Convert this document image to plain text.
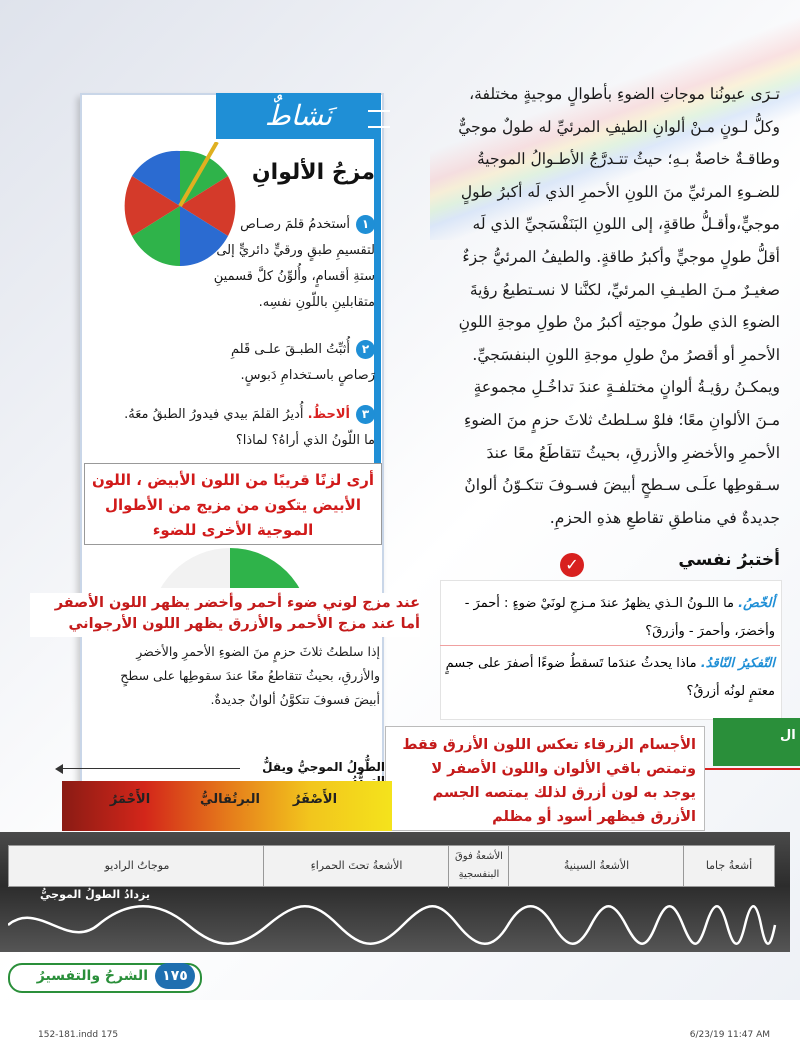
تـرَى عيونُنا موجاتِ الضوءِ بأطوالٍ موجيةٍ مختلفة،

وكلُّ لـونٍ مـنْ ألوانِ الطيفِ المرئيِّ له طولٌ موجيٌّ

وطاقـةٌ خاصةٌ بـهِ؛ حيثُ تتـدرَّجُ الأطـوالُ الموجيةُ

للضـوءِ المرئيِّ منَ اللونِ الأحمرِ الذي لَه أكبرُ طولٍ

موجيٍّ،وأقـلُّ طاقةٍ، إلى اللونِ البَنَفْسَجيِّ الذي لَه

أقلُّ طولٍ موجيٍّ وأكبرُ طاقةٍ. والطيفُ المرئيُّ جزءٌ

صغيـرٌ مـنَ الطيـفِ المرئيِّ، لكنَّنا لا نسـتطيعُ رؤيةَ

الضوءِ الذي طولُ موجتِه أكبرُ منْ طولِ موجةِ اللونِ

الأحمرِ أو أقصرُ منْ طولِ موجةِ اللونِ البنفسَجيِّ.

ويمكـنُ رؤيـةُ ألوانٍ مختلفـةٍ عندَ تداخُـلِ مجموعةٍ

مـنَ الألوانِ معًا؛ فلوْ سـلطتُ ثلاثَ حزمٍ منَ الضوءِ

الأحمرِ والأخضرِ والأزرقِ، بحيثُ تتقاطَعُ معًا عندَ

سـقوطِها علَـى سـطحٍ أبيضَ فسـوفَ تتكـوّنُ ألوانٌ

جديدةٌ في مناطقِ تقاطعِ هذهِ الحزمِ.

نَشاطٌ
مزجُ الألوانِ
١أستخدمُ قلمَ رصـاص لتقسيمِ طبقٍ ورقيٍّ دائريٍّ إلى ستةِ أقسامٍ، وأُلوِّنُ كلَّ قسمينِ متقابلينِ باللّونِ نفسِه.
٢أُثبِّتُ الطبـقَ علـى قَلمِ رَصاصٍ باسـتخدامِ دَبوسٍ.
٣ألاحظُ. أُديرُ القلمَ بيدي فيدورُ الطبقُ معَهُ. ما اللّونُ الذي أراهُ؟ لماذا؟
أرى لزنًا قريبًا من اللون الأبيض ، اللون الأبيض يتكون من مزيج من الأطوال الموجية الأخرى للضوء
عند مزج لوني ضوء أحمر وأخضر يظهر اللون الأصفر
أما عند مزج الأحمر والأزرق يظهر اللون الأرجواني
إذا سلطتُ ثلاثَ حزمٍ منَ الضوءِ الأحمرِ والأخضرِ والأزرقِ، بحيثُ تتقاطعُ معًا عندَ سقوطِها على سطحٍ أبيضَ فسوفَ تتكوَّنُ ألوانٌ جديدةٌ.
✓	أختبرُ نفسي
ألخّصُ. ما اللـونُ الـذي يظهرُ عندَ مـزجِ لونَيْ ضوءٍ : أحمرَ - وأخضرَ، وأحمرَ - وأزرقَ؟
التّفكيرُ النّاقدُ. ماذا يحدثُ عندَما تَسقطُ ضوءًا أصفرَ على جسمٍ معتمٍ لونُه أزرقُ؟
ال
الأجسام الزرقاء تعكس اللون الأزرق فقط وتمتص باقي الألوان واللون الأصفر لا يوجد به لون أزرق لذلك يمتصه الجسم الأزرق فيظهر أسود أو مظلم
الطُّولُ الموجيُّ ويقلُّ
الأَحْمَرُ	البرتُقاليُّ	الأَصْفَرُ
أشعةُ جاما
الأشعةُ السينيةُ
الأشعةُ فوقَ البنفسجيةِ
الأشعةُ تحتَ الحمراءِ
موجاتُ الراديو
يزدادُ الطولُ الموجيُّ
الشرحُ والتفسيرُ	١٧٥
152-181.indd 175	6/23/19 11:47 AM
